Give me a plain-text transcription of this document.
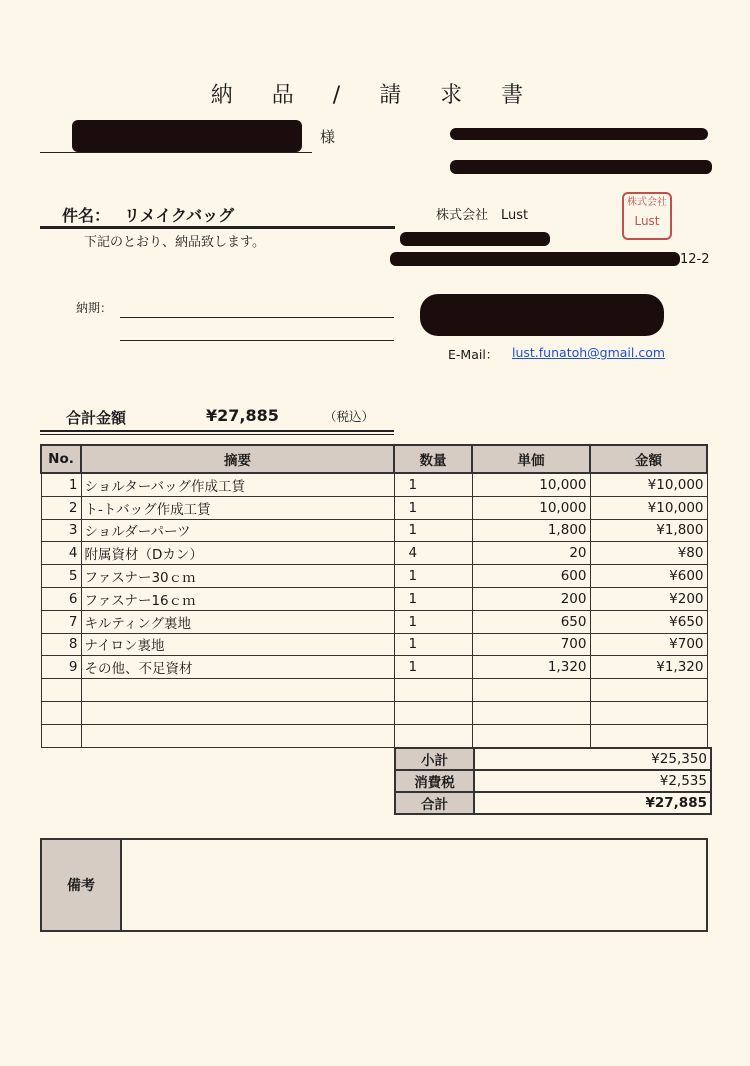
納 品 / 請 求 書
様
件名： リメイクバッグ
下記のとおり、納品致します。
株式会社　Lust
株式会社
Lust
12-2
E-Mail： lust.funatoh@gmail.com
納期：
合計金額	¥27,885	（税込）
No.	摘要	数量	単価	金額
1	ショルターバッグ作成工賃	1	10,000	¥10,000
2	ト-トバッグ作成工賃	1	10,000	¥10,000
3	ショルダーパーツ	1	1,800	¥1,800
4	附属資材（Dカン）	4	20	¥80
5	ファスナー30ｃｍ	1	600	¥600
6	ファスナー16ｃｍ	1	200	¥200
7	キルティング裏地	1	650	¥650
8	ナイロン裏地	1	700	¥700
9	その他、不足資材	1	1,320	¥1,320

小計	¥25,350
消費税	¥2,535
合計	¥27,885
備考
